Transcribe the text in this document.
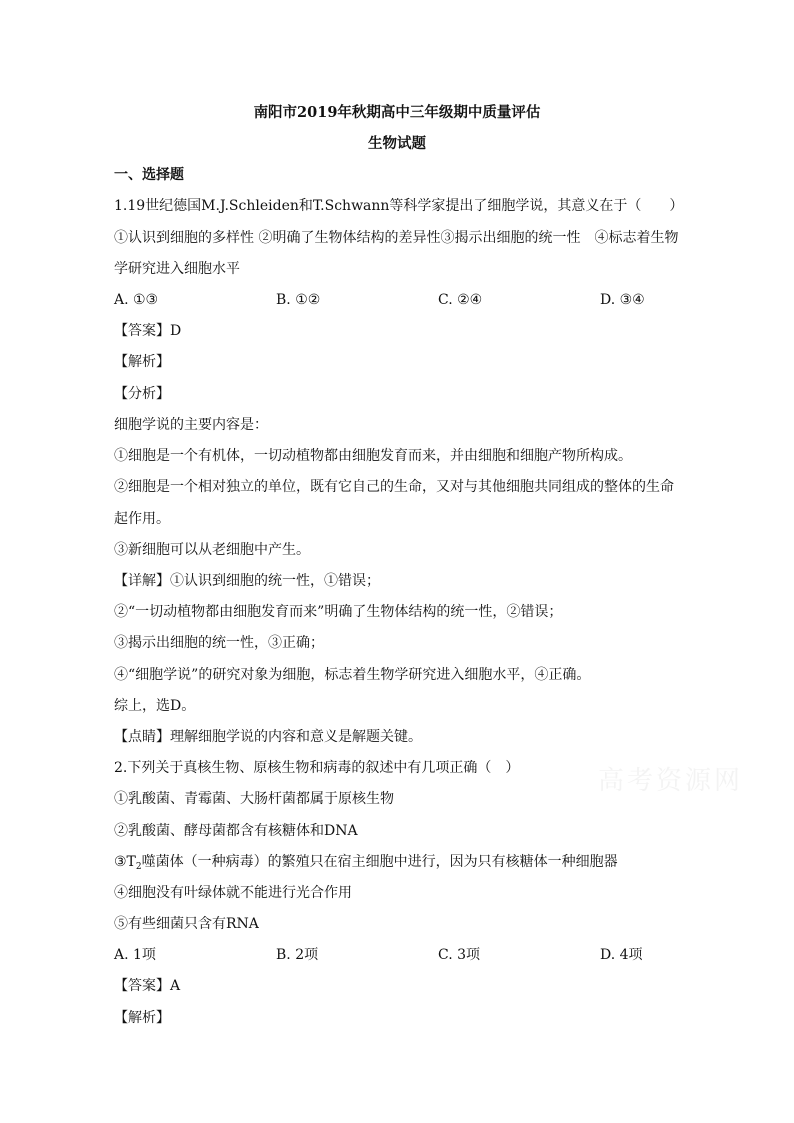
南阳市2019年秋期高中三年级期中质量评估
生物试题
一、选择题
1.19世纪德国M.J.Schleiden和T.Schwann等科学家提出了细胞学说，其意义在于（　　）
①认识到细胞的多样性 ②明确了生物体结构的差异性③揭示出细胞的统一性　④标志着生物
学研究进入细胞水平
A. ①③	B. ①②	C. ②④	D. ③④
【答案】D
【解析】
【分析】
细胞学说的主要内容是：
①细胞是一个有机体，一切动植物都由细胞发育而来，并由细胞和细胞产物所构成。
②细胞是一个相对独立的单位，既有它自己的生命，又对与其他细胞共同组成的整体的生命
起作用。
③新细胞可以从老细胞中产生。
【详解】①认识到细胞的统一性，①错误；
②“一切动植物都由细胞发育而来”明确了生物体结构的统一性，②错误；
③揭示出细胞的统一性，③正确；
④“细胞学说”的研究对象为细胞，标志着生物学研究进入细胞水平，④正确。
综上，选D。
【点睛】理解细胞学说的内容和意义是解题关键。
2.下列关于真核生物、原核生物和病毒的叙述中有几项正确（　）
①乳酸菌、青霉菌、大肠杆菌都属于原核生物
②乳酸菌、酵母菌都含有核糖体和DNA
$③T_2$噬菌体（一种病毒）的繁殖只在宿主细胞中进行，因为只有核糖体一种细胞器
④细胞没有叶绿体就不能进行光合作用
⑤有些细菌只含有RNA
A. 1项	B. 2项	C. 3项	D. 4项
【答案】A
【解析】
高考资源网
